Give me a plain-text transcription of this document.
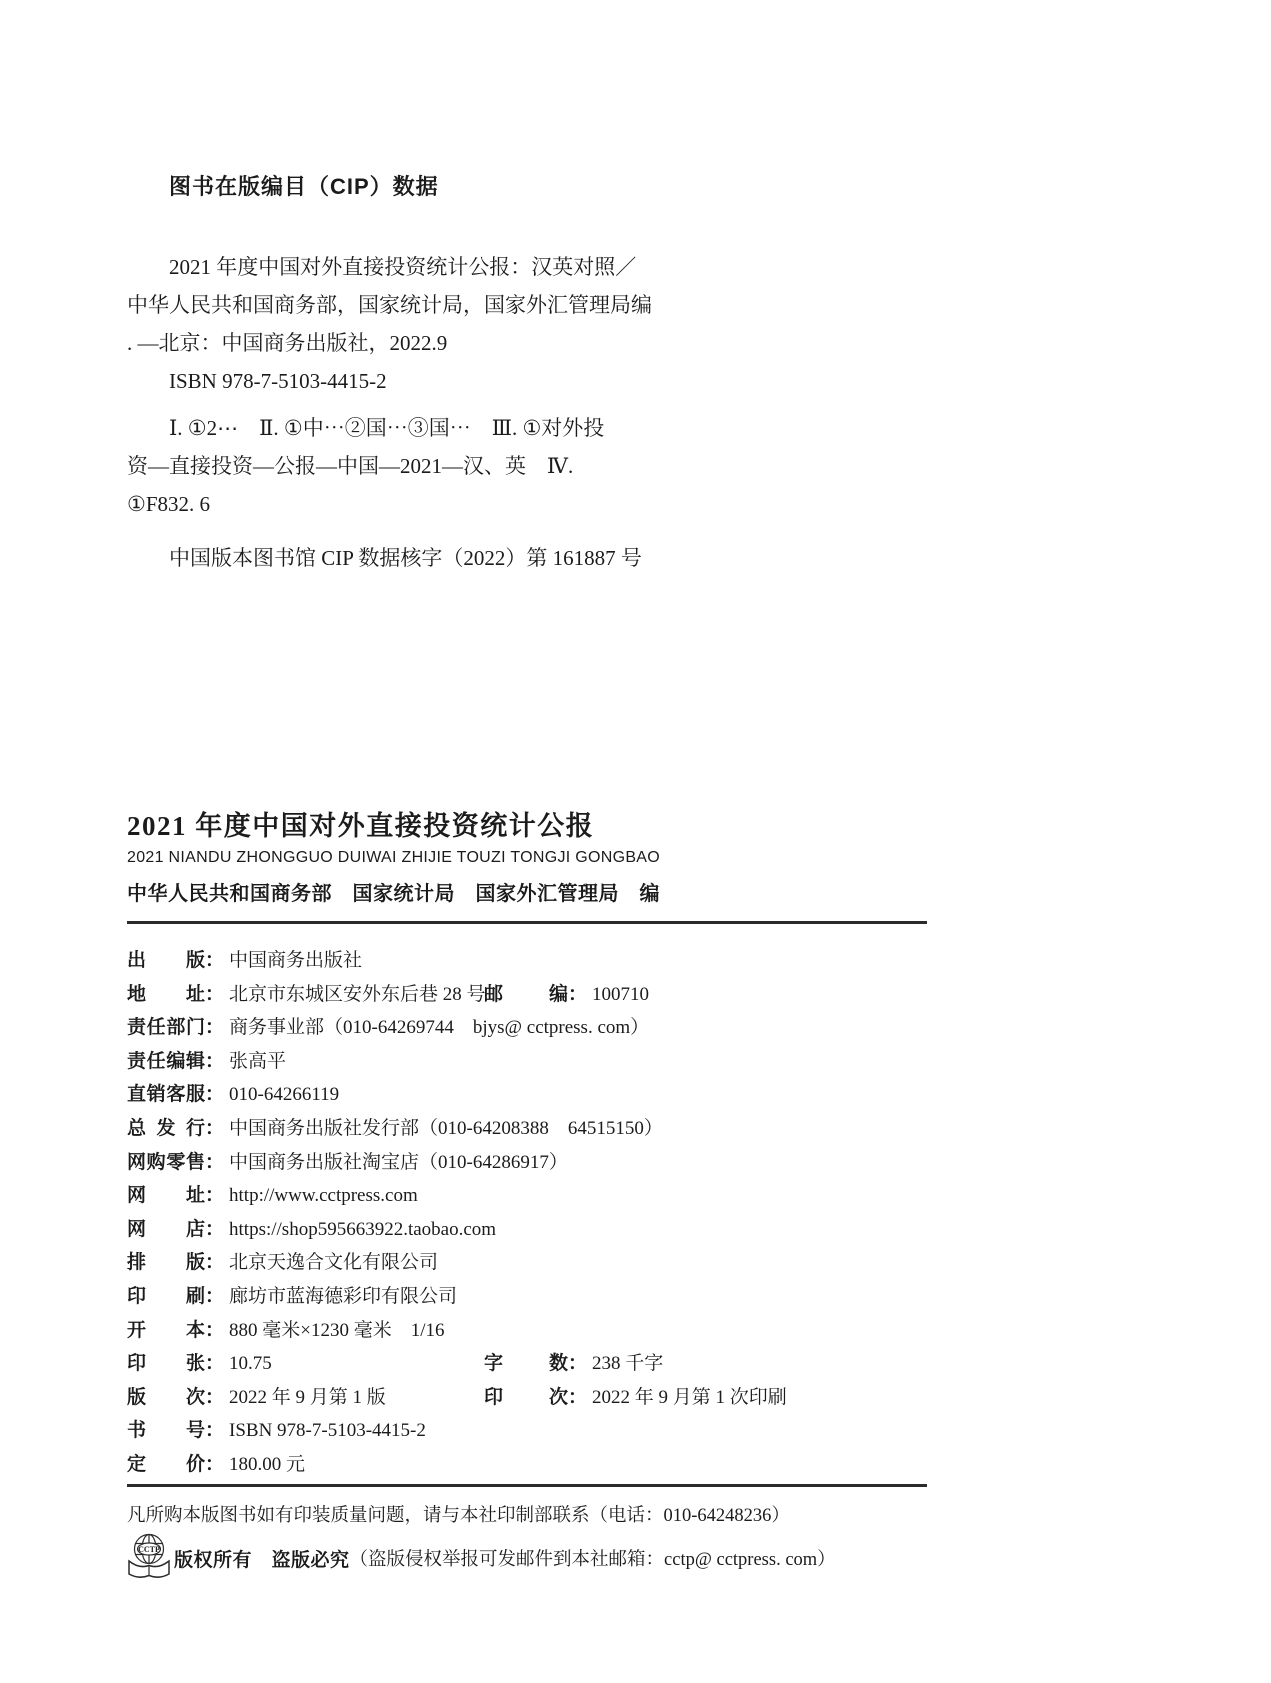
图书在版编目（CIP）数据
2021 年度中国对外直接投资统计公报：汉英对照／
中华人民共和国商务部，国家统计局，国家外汇管理局编
. —北京：中国商务出版社，2022.9
ISBN 978-7-5103-4415-2
Ⅰ. ①2⋯　Ⅱ. ①中⋯②国⋯③国⋯　Ⅲ. ①对外投
资—直接投资—公报—中国—2021—汉、英　Ⅳ.
①F832. 6
中国版本图书馆 CIP 数据核字（2022）第 161887 号
2021 年度中国对外直接投资统计公报
2021 NIANDU ZHONGGUO DUIWAI ZHIJIE TOUZI TONGJI GONGBAO
中华人民共和国商务部　国家统计局　国家外汇管理局　编
出版： 中国商务出版社
地址： 北京市东城区安外东后巷 28 号
邮编： 100710
责任部门： 商务事业部（010-64269744　bjys@ cctpress. com）
责任编辑： 张高平
直销客服： 010-64266119
总发行： 中国商务出版社发行部（010-64208388　64515150）
网购零售： 中国商务出版社淘宝店（010-64286917）
网址： http://www.cctpress.com
网店： https://shop595663922.taobao.com
排版： 北京天逸合文化有限公司
印刷： 廊坊市蓝海德彩印有限公司
开本： 880 毫米×1230 毫米　1/16
印张： 10.75	字数： 238 千字
版次： 2022 年 9 月第 1 版	印次： 2022 年 9 月第 1 次印刷
书号： ISBN 978-7-5103-4415-2
定价： 180.00 元
凡所购本版图书如有印装质量问题，请与本社印制部联系（电话：010-64248236）
CCTP 版权所有　盗版必究 （盗版侵权举报可发邮件到本社邮箱：cctp@ cctpress. com）
